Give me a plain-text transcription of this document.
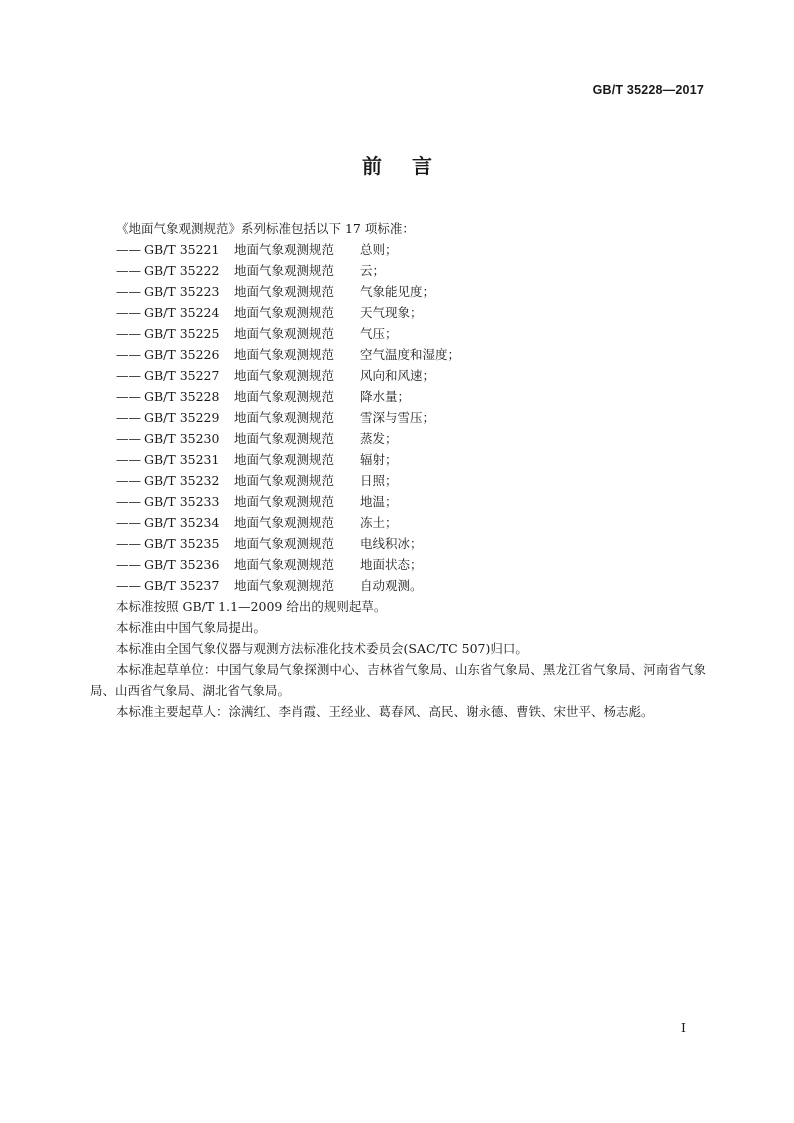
GB/T 35228—2017
前言

《地面气象观测规范》系列标准包括以下 17 项标准：

—— GB/T 35221	地面气象观测规范	总则；
—— GB/T 35222	地面气象观测规范	云；
—— GB/T 35223	地面气象观测规范	气象能见度；
—— GB/T 35224	地面气象观测规范	天气现象；
—— GB/T 35225	地面气象观测规范	气压；
—— GB/T 35226	地面气象观测规范	空气温度和湿度；
—— GB/T 35227	地面气象观测规范	风向和风速；
—— GB/T 35228	地面气象观测规范	降水量；
—— GB/T 35229	地面气象观测规范	雪深与雪压；
—— GB/T 35230	地面气象观测规范	蒸发；
—— GB/T 35231	地面气象观测规范	辐射；
—— GB/T 35232	地面气象观测规范	日照；
—— GB/T 35233	地面气象观测规范	地温；
—— GB/T 35234	地面气象观测规范	冻土；
—— GB/T 35235	地面气象观测规范	电线积冰；
—— GB/T 35236	地面气象观测规范	地面状态；
—— GB/T 35237	地面气象观测规范	自动观测。

本标准按照 GB/T 1.1—2009 给出的规则起草。

本标准由中国气象局提出。

本标准由全国气象仪器与观测方法标准化技术委员会(SAC/TC 507)归口。

本标准起草单位：中国气象局气象探测中心、吉林省气象局、山东省气象局、黑龙江省气象局、河南省气象局、山西省气象局、湖北省气象局。

本标准主要起草人：涂满红、李肖霞、王经业、葛春风、高民、谢永德、曹铁、宋世平、杨志彪。

I
